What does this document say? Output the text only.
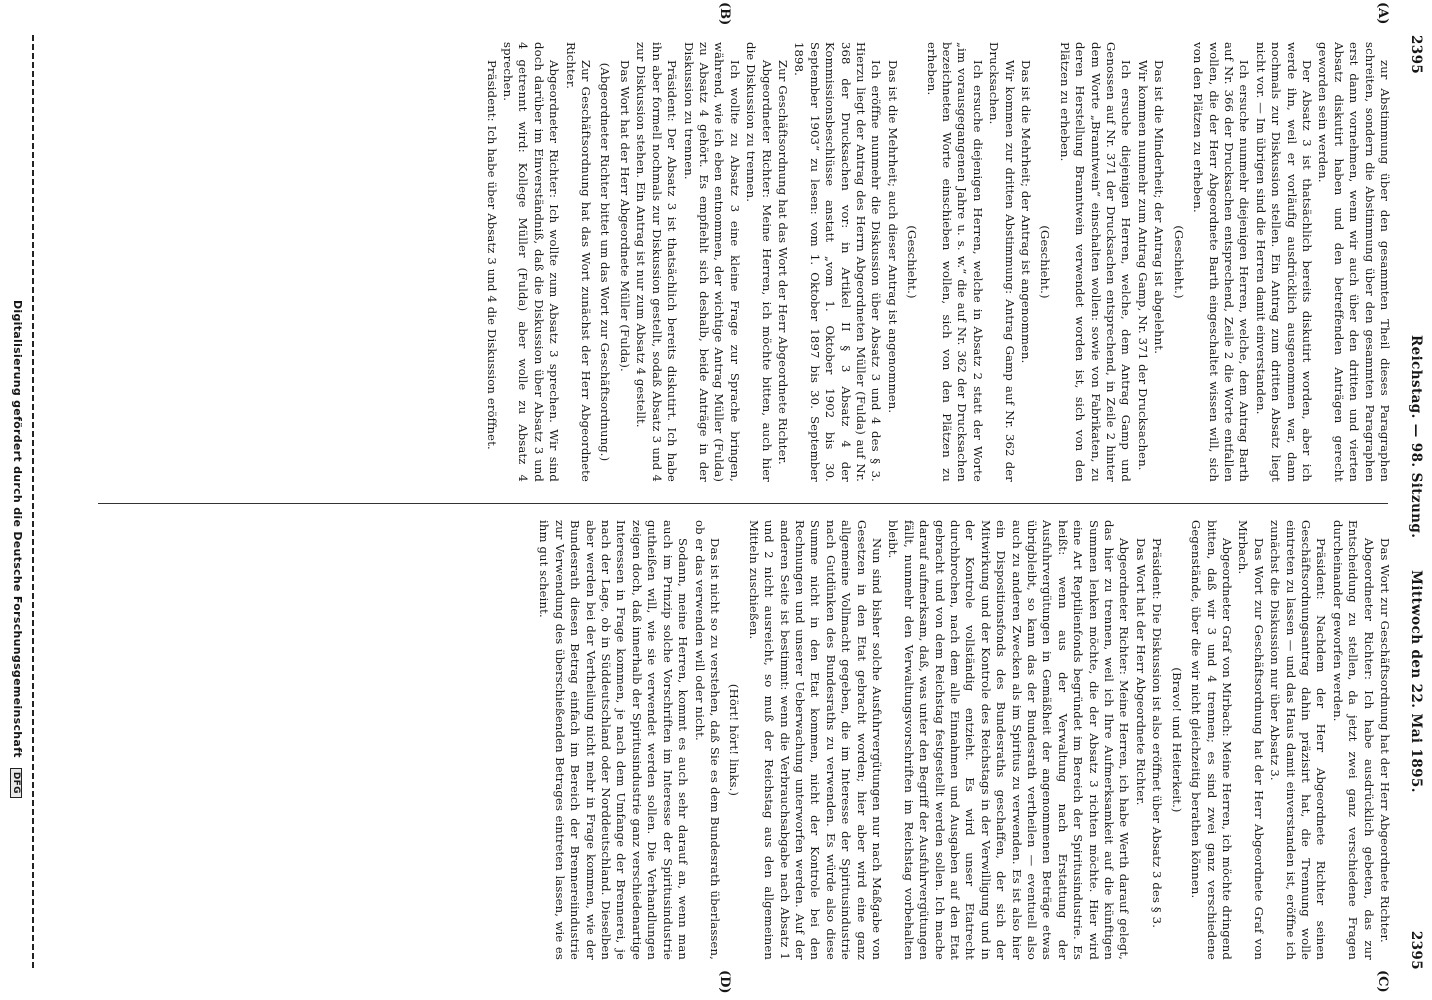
2395
Reichstag. — 98. Sitzung.
Mittwoch den 22. Mai 1895.
2395
(A)
(B)
(C)
(D)

zur Abstimmung über den gesammten Theil dieses Paragraphen schreiten, sondern die Abstimmung über den gesammten Paragraphen erst dann vornehmen, wenn wir auch über den dritten und vierten Absatz diskutirt haben und den betreffenden Anträgen gerecht geworden sein werden.

Der Absatz 3 ist thatsächlich bereits diskutirt worden, aber ich werde ihn, weil er vorläufig ausdrücklich ausgenommen war, dann nochmals zur Diskussion stellen. Ein Antrag zum dritten Absatz liegt nicht vor. — Im übrigen sind die Herren damit einverstanden.

Ich ersuche nunmehr diejenigen Herren, welche, dem Antrag Barth auf Nr. 366 der Drucksachen entsprechend, Zeile 2 die Worte entfallen wollen, die der Herr Abgeordnete Barth eingeschaltet wissen will, sich von den Plätzen zu erheben.

(Geschieht.)

Das ist die Minderheit; der Antrag ist abgelehnt.

Wir kommen nunmehr zum Antrag Gamp, Nr. 371 der Drucksachen.

Ich ersuche diejenigen Herren, welche, dem Antrag Gamp und Genossen auf Nr. 371 der Drucksachen entsprechend, in Zeile 2 hinter dem Worte „Branntwein“ einschalten wollen: sowie von Fabrikaten, zu deren Herstellung Branntwein verwendet worden ist, sich von den Plätzen zu erheben.

(Geschieht.)

Das ist die Mehrheit; der Antrag ist angenommen.

Wir kommen zur dritten Abstimmung: Antrag Gamp auf Nr. 362 der Drucksachen.

Ich ersuche diejenigen Herren, welche in Absatz 2 statt der Worte „im vorausgegangenen Jahre u. s. w.“ die auf Nr. 362 der Drucksachen bezeichneten Worte einschieben wollen, sich von den Plätzen zu erheben.

(Geschieht.)

Das ist die Mehrheit; auch dieser Antrag ist angenommen.

Ich eröffne nunmehr die Diskussion über Absatz 3 und 4 des § 3. Hierzu liegt der Antrag des Herrn Abgeordneten Müller (Fulda) auf Nr. 368 der Drucksachen vor: in Artikel II § 3 Absatz 4 der Kommissionsbeschlüsse anstatt „vom 1. Oktober 1902 bis 30. September 1903“ zu lesen: vom 1. Oktober 1897 bis 30. September 1898.

Zur Geschäftsordnung hat das Wort der Herr Abgeordnete Richter.

Abgeordneter Richter: Meine Herren, ich möchte bitten, auch hier die Diskussion zu trennen.

Ich wollte zu Absatz 3 eine kleine Frage zur Sprache bringen, während, wie ich eben entnommen, der wichtige Antrag Müller (Fulda) zu Absatz 4 gehört. Es empfiehlt sich deshalb, beide Anträge in der Diskussion zu trennen.

Präsident: Der Absatz 3 ist thatsächlich bereits diskutirt. Ich habe ihn aber formell nochmals zur Diskussion gestellt, sodaß Absatz 3 und 4 zur Diskussion stehen. Ein Antrag ist nur zum Absatz 4 gestellt.

Das Wort hat der Herr Abgeordnete Müller (Fulda).

(Abgeordneter Richter bittet um das Wort zur Geschäftsordnung.)

Zur Geschäftsordnung hat das Wort zunächst der Herr Abgeordnete Richter.

Abgeordneter Richter: Ich wollte zum Absatz 3 sprechen. Wir sind doch darüber im Einverständniß, daß die Diskussion über Absatz 3 und 4 getrennt wird: Kollege Müller (Fulda) aber wolle zu Absatz 4 sprechen.

Präsident: Ich habe über Absatz 3 und 4 die Diskussion eröffnet.

Das Wort zur Geschäftsordnung hat der Herr Abgeordnete Richter.

Abgeordneter Richter: Ich habe ausdrücklich gebeten, das zur Entscheidung zu stellen, da jetzt zwei ganz verschiedene Fragen durcheinander geworfen werden.

Präsident: Nachdem der Herr Abgeordnete Richter seinen Geschäftsordnungsantrag dahin präzisirt hat, die Trennung wolle eintreten zu lassen — und das Haus damit einverstanden ist, eröffne ich zunächst die Diskussion nur über Absatz 3.

Das Wort zur Geschäftsordnung hat der Herr Abgeordnete Graf von Mirbach.

Abgeordneter Graf von Mirbach: Meine Herren, ich möchte dringend bitten, daß wir 3 und 4 trennen; es sind zwei ganz verschiedene Gegenstände, über die wir nicht gleichzeitig berathen können.

(Bravo! und Heiterkeit.)

Präsident: Die Diskussion ist also eröffnet über Absatz 3 des § 3.

Das Wort hat der Herr Abgeordnete Richter.

Abgeordneter Richter: Meine Herren, ich habe Werth darauf gelegt, das hier zu trennen, weil ich Ihre Aufmerksamkeit auf die künftigen Summen lenken möchte, die der Absatz 3 richten möchte. Hier wird eine Art Reptilienfonds begründet im Bereich der Spiritusindustrie. Es heißt: wenn aus der Verwaltung nach Erstattung der Ausfuhrvergütungen in Gemäßheit der angenommenen Beträge etwas übrigbleibt, so kann das der Bundesrath vertheilen — eventuell also auch zu anderen Zwecken als im Spiritus zu verwenden. Es ist also hier ein Dispositionsfonds des Bundesraths geschaffen, der sich der Mitwirkung und der Kontrole des Reichstags in der Verwilligung und in der Kontrole vollständig entzieht. Es wird unser Etatrecht durchbrochen, nach dem alle Einnahmen und Ausgaben auf den Etat gebracht und von dem Reichstag festgestellt werden sollen. Ich mache darauf aufmerksam, daß, was unter den Begriff der Ausfuhrvergütungen fällt, nunmehr den Verwaltungsvorschriften im Reichstag vorbehalten bleibt.

Nun sind bisher solche Ausfuhrvergütungen nur nach Maßgabe von Gesetzen in den Etat gebracht worden; hier aber wird eine ganz allgemeine Vollmacht gegeben, die im Interesse der Spiritusindustrie nach Gutdünken des Bundesraths zu verwenden. Es würde also diese Summe nicht in den Etat kommen, nicht der Kontrole bei den Rechnungen und unserer Ueberwachung unterworfen werden. Auf der anderen Seite ist bestimmt: wenn die Verbrauchsabgabe nach Absatz 1 und 2 nicht ausreicht, so muß der Reichstag aus den allgemeinen Mitteln zuschießen.

(Hört! hört! links.)

Das ist nicht so zu verstehen, daß Sie es dem Bundesrath überlassen, ob er das verwenden will oder nicht.

Sodann, meine Herren, kommt es auch sehr darauf an, wenn man auch im Prinzip solche Vorschriften im Interesse der Spiritusindustrie gutheißen will, wie sie verwendet werden sollen. Die Verhandlungen zeigen doch, daß innerhalb der Spiritusindustrie ganz verschiedenartige Interessen in Frage kommen, je nach dem Umfange der Brennerei, je nach der Lage, ob in Süddeutschland oder Norddeutschland. Dieselben aber werden bei der Vertheilung nicht mehr in Frage kommen, wie der Bundesrath diesen Betrag einfach im Bereich der Brennereiindustrie zur Verwendung des überschießenden Betrages eintreten lassen, wie es ihm gut scheint.

Digitalisierung gefördert durch die Deutsche Forschungsgemeinschaft DFG
